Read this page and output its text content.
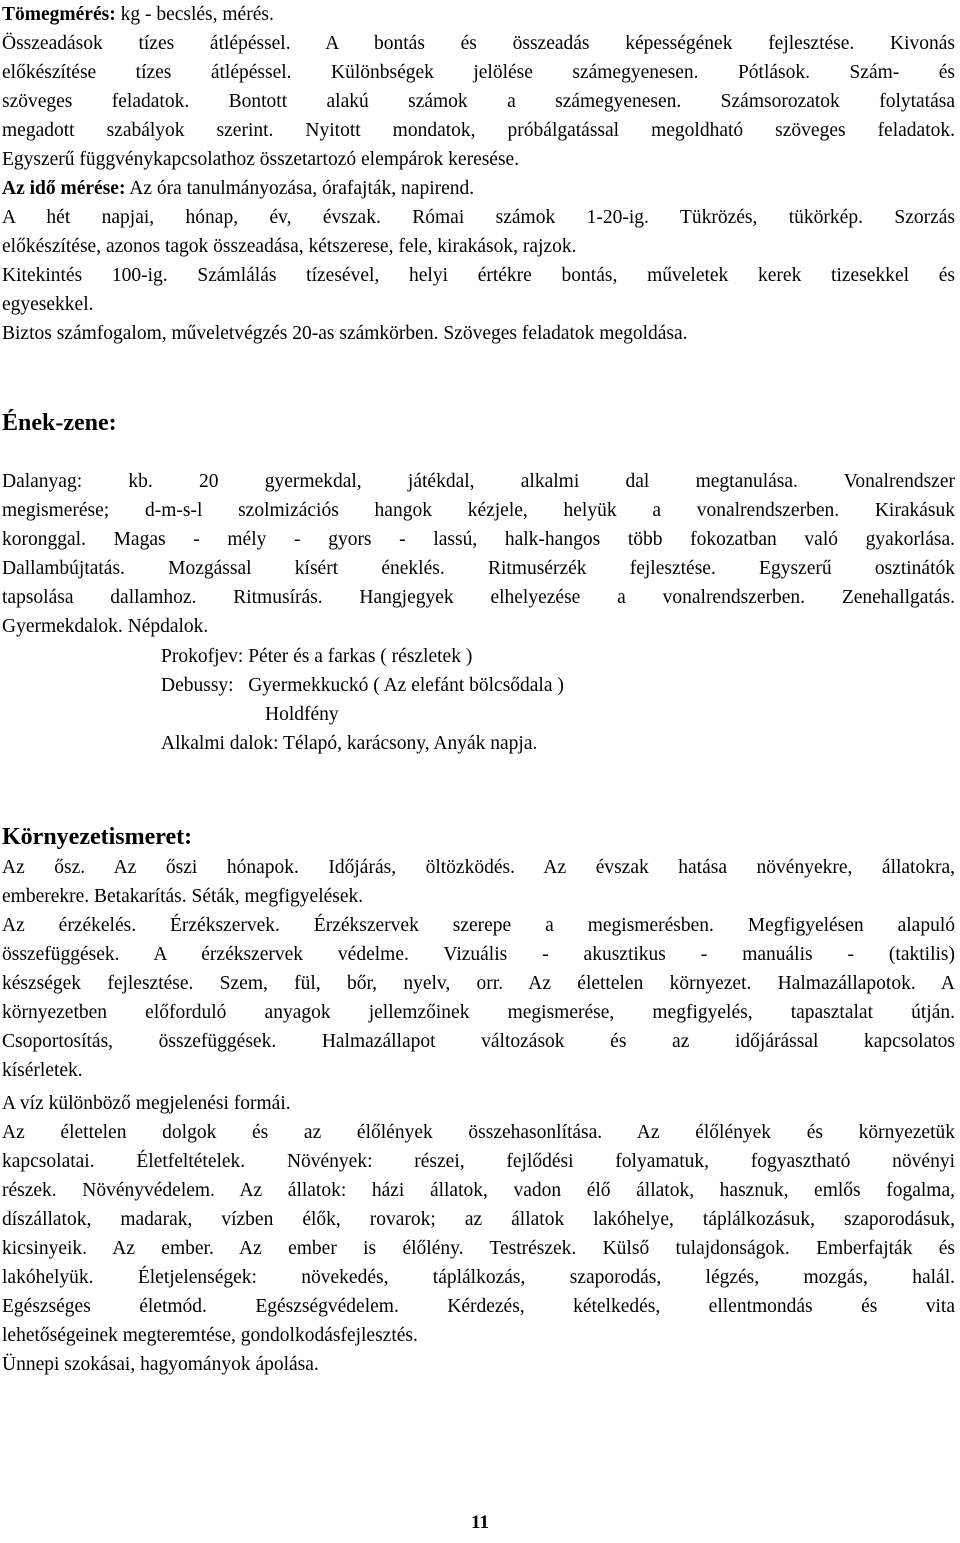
Tömegmérés: kg - becslés, mérés.
Összeadások tízes átlépéssel. A bontás és összeadás képességének fejlesztése. Kivonás
előkészítése tízes átlépéssel. Különbségek jelölése számegyenesen. Pótlások. Szám- és
szöveges feladatok. Bontott alakú számok a számegyenesen. Számsorozatok folytatása
megadott szabályok szerint. Nyitott mondatok, próbálgatással megoldható szöveges feladatok.
Egyszerű függvénykapcsolathoz összetartozó elempárok keresése.
Az idő mérése: Az óra tanulmányozása, órafajták, napirend.
A hét napjai, hónap, év, évszak. Római számok 1-20-ig. Tükrözés, tükörkép. Szorzás
előkészítése, azonos tagok összeadása, kétszerese, fele, kirakások, rajzok.
Kitekintés 100-ig. Számlálás tízesével, helyi értékre bontás, műveletek kerek tizesekkel és
egyesekkel.
Biztos számfogalom, műveletvégzés 20-as számkörben. Szöveges feladatok megoldása.
Ének-zene:
Dalanyag: kb. 20 gyermekdal, játékdal, alkalmi dal megtanulása. Vonalrendszer
megismerése; d-m-s-l szolmizációs hangok kézjele, helyük a vonalrendszerben. Kirakásuk
koronggal. Magas - mély - gyors - lassú, halk-hangos több fokozatban való gyakorlása.
Dallambújtatás. Mozgással kísért éneklés. Ritmusérzék fejlesztése. Egyszerű osztinátók
tapsolása dallamhoz. Ritmusírás. Hangjegyek elhelyezése a vonalrendszerben. Zenehallgatás.
Gyermekdalok. Népdalok.
Prokofjev: Péter és a farkas ( részletek )
Debussy:   Gyermekkuckó ( Az elefánt bölcsődala )
Holdfény
Alkalmi dalok: Télapó, karácsony, Anyák napja.
Környezetismeret:
Az ősz. Az őszi hónapok. Időjárás, öltözködés. Az évszak hatása növényekre, állatokra,
emberekre. Betakarítás. Séták, megfigyelések.
Az érzékelés. Érzékszervek. Érzékszervek szerepe a megismerésben. Megfigyelésen alapuló
összefüggések. A érzékszervek védelme. Vizuális - akusztikus - manuális - (taktilis)
készségek fejlesztése. Szem, fül, bőr, nyelv, orr. Az élettelen környezet. Halmazállapotok. A
környezetben előforduló anyagok jellemzőinek megismerése, megfigyelés, tapasztalat útján.
Csoportosítás, összefüggések. Halmazállapot változások és az időjárással kapcsolatos
kísérletek.
A víz különböző megjelenési formái.
Az élettelen dolgok és az élőlények összehasonlítása. Az élőlények és környezetük
kapcsolatai. Életfeltételek. Növények: részei, fejlődési folyamatuk, fogyasztható növényi
részek. Növényvédelem. Az állatok: házi állatok, vadon élő állatok, hasznuk, emlős fogalma,
díszállatok, madarak, vízben élők, rovarok; az állatok lakóhelye, táplálkozásuk, szaporodásuk,
kicsinyeik. Az ember. Az ember is élőlény. Testrészek. Külső tulajdonságok. Emberfajták és
lakóhelyük. Életjelenségek: növekedés, táplálkozás, szaporodás, légzés, mozgás, halál.
Egészséges életmód. Egészségvédelem. Kérdezés, kételkedés, ellentmondás és vita
lehetőségeinek megteremtése, gondolkodásfejlesztés.
Ünnepi szokásai, hagyományok ápolása.
11
